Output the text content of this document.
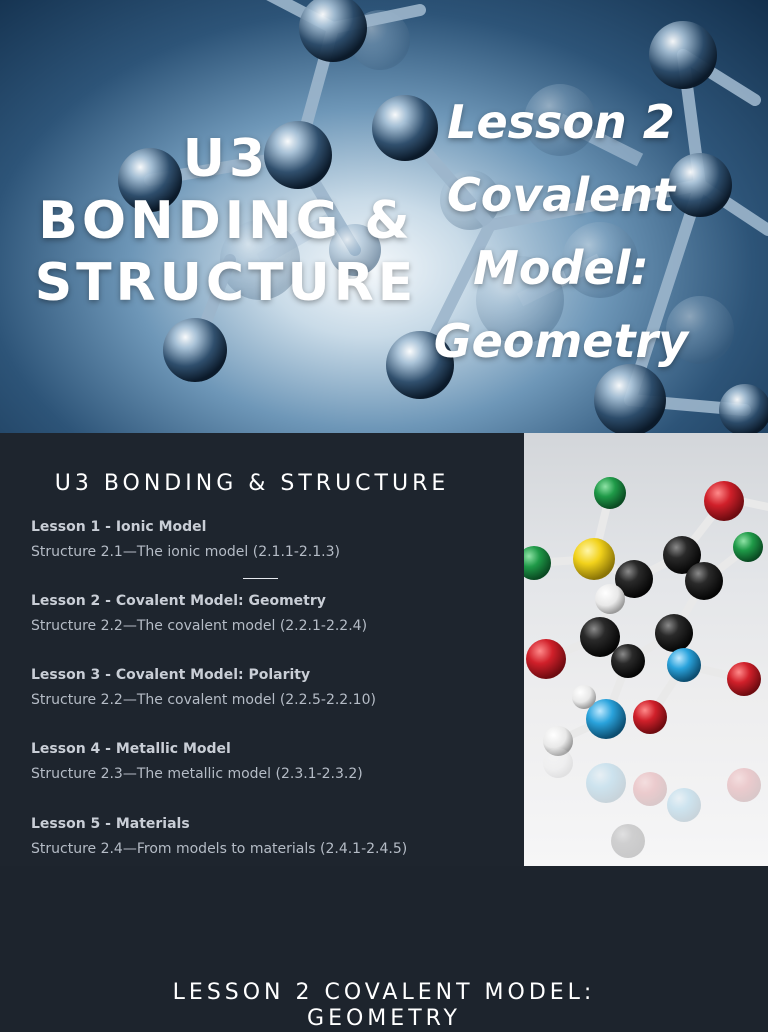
U3
BONDING &
STRUCTURE
Lesson 2
Covalent
Model:
Geometry
U3 BONDING & STRUCTURE
Lesson 1 - Ionic Model
Structure 2.1—The ionic model (2.1.1-2.1.3)
Lesson 2 - Covalent Model: Geometry
Structure 2.2—The covalent model (2.2.1-2.2.4)
Lesson 3 - Covalent Model: Polarity
Structure 2.2—The covalent model (2.2.5-2.2.10)
Lesson 4 - Metallic Model
Structure 2.3—The metallic model (2.3.1-2.3.2)
Lesson 5 - Materials
Structure 2.4—From models to materials (2.4.1-2.4.5)
LESSON 2 COVALENT MODEL:
GEOMETRY
